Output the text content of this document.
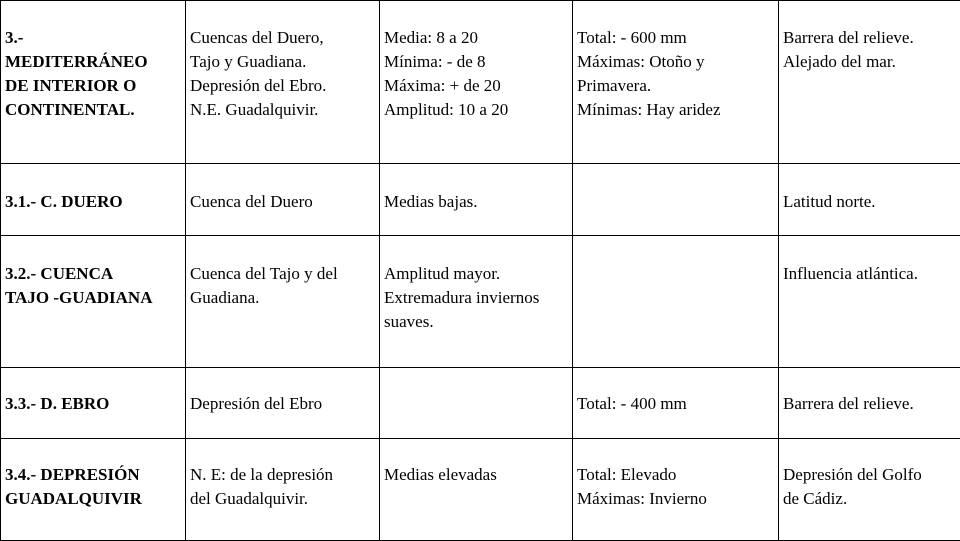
3.-
MEDITERRÁNEO
DE INTERIOR O
CONTINENTAL.	Cuencas del Duero,
Tajo y Guadiana.
Depresión del Ebro.
N.E. Guadalquivir.	Media: 8 a 20
Mínima: - de 8
Máxima: + de 20
Amplitud: 10 a 20	Total: - 600 mm
Máximas: Otoño y
Primavera.
Mínimas: Hay aridez	Barrera del relieve.
Alejado del mar.

3.1.- C. DUERO	Cuenca del Duero	Medias bajas.		Latitud norte.

3.2.- CUENCA
TAJO -GUADIANA	Cuenca del Tajo y del
Guadiana.	Amplitud mayor.
Extremadura inviernos
suaves.		Influencia atlántica.

3.3.- D. EBRO	Depresión del Ebro		Total: - 400 mm	Barrera del relieve.

3.4.- DEPRESIÓN
GUADALQUIVIR	N. E: de la depresión
del Guadalquivir.	Medias elevadas	Total: Elevado
Máximas: Invierno	Depresión del Golfo
de Cádiz.
